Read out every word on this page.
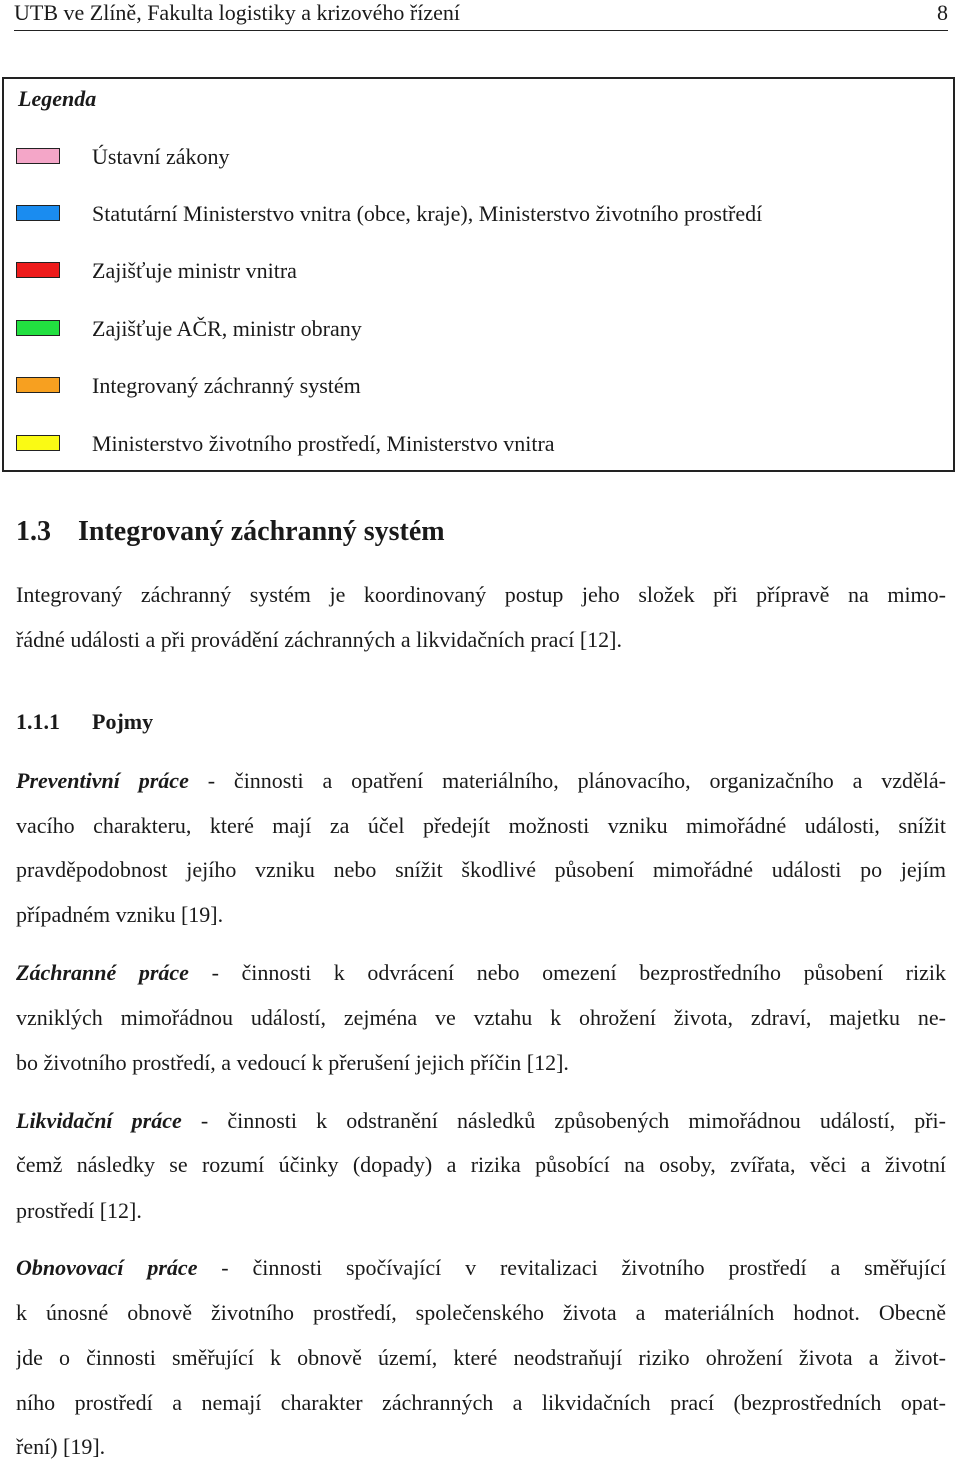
UTB ve Zlíně, Fakulta logistiky a krizového řízení	8
Legenda
Ústavní zákony
Statutární Ministerstvo vnitra (obce, kraje), Ministerstvo životního prostředí
Zajišťuje ministr vnitra
Zajišťuje AČR, ministr obrany
Integrovaný záchranný systém
Ministerstvo životního prostředí, Ministerstvo vnitra
1.3 Integrovaný záchranný systém
Integrovaný záchranný systém je koordinovaný postup jeho složek při přípravě na mimo-
řádné události a při provádění záchranných a likvidačních prací [12].
1.1.1 Pojmy
Preventivní práce - činnosti a opatření materiálního, plánovacího, organizačního a vzdělá-
vacího charakteru, které mají za účel předejít možnosti vzniku mimořádné události, snížit
pravděpodobnost jejího vzniku nebo snížit škodlivé působení mimořádné události po jejím
případném vzniku [19].
Záchranné práce - činnosti k odvrácení nebo omezení bezprostředního působení rizik
vzniklých mimořádnou událostí, zejména ve vztahu k ohrožení života, zdraví, majetku ne-
bo životního prostředí, a vedoucí k přerušení jejich příčin [12].
Likvidační práce - činnosti k odstranění následků způsobených mimořádnou událostí, při-
čemž následky se rozumí účinky (dopady) a rizika působící na osoby, zvířata, věci a životní
prostředí [12].
Obnovovací práce - činnosti spočívající v revitalizaci životního prostředí a směřující
k únosné obnově životního prostředí, společenského života a materiálních hodnot. Obecně
jde o činnosti směřující k obnově území, které neodstraňují riziko ohrožení života a život-
ního prostředí a nemají charakter záchranných a likvidačních prací (bezprostředních opat-
ření) [19].
